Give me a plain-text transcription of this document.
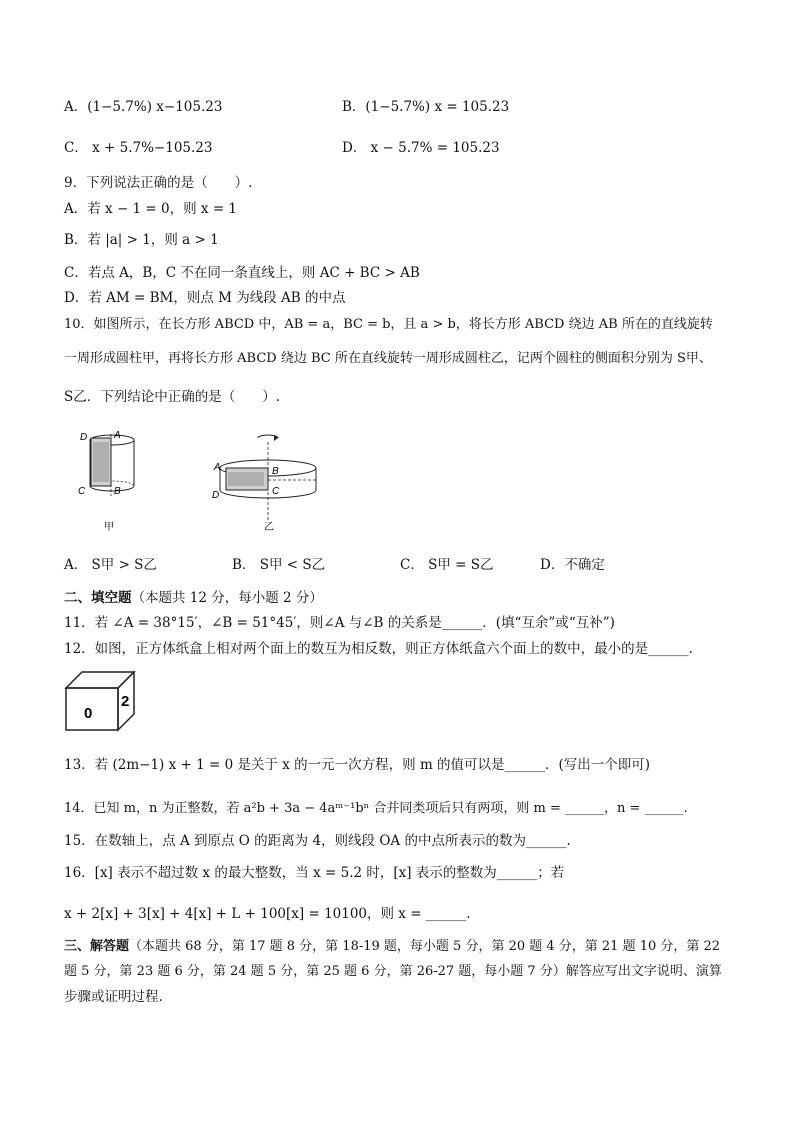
A．(1−5.7%) x−105.23	B．(1−5.7%) x = 105.23
C． x + 5.7%−105.23	D． x − 5.7% = 105.23
9．下列说法正确的是（　　）.
A．若 x − 1 = 0，则 x = 1
B．若 |a| > 1，则 a > 1
C．若点 A，B，C 不在同一条直线上，则 AC + BC > AB
D．若 AM = BM，则点 M 为线段 AB 的中点
10．如图所示，在长方形 ABCD 中，AB = a，BC = b，且 a > b，将长方形 ABCD 绕边 AB 所在的直线旋转
一周形成圆柱甲，再将长方形 ABCD 绕边 BC 所在直线旋转一周形成圆柱乙，记两个圆柱的侧面积分别为 S甲、
S乙．下列结论中正确的是（　　）.
D	A
C	B
甲
A
D
B
C
乙
A． S甲 > S乙	B． S甲 < S乙	C． S甲 = S乙	D．不确定
二、填空题（本题共 12 分，每小题 2 分）
11．若 ∠A = 38°15′，∠B = 51°45′，则∠A 与∠B 的关系是______．(填“互余”或“互补”)
12．如图，正方体纸盒上相对两个面上的数互为相反数，则正方体纸盒六个面上的数中，最小的是______.
0
2
13．若 (2m−1) x + 1 = 0 是关于 x 的一元一次方程，则 m 的值可以是______．(写出一个即可)
14．已知 m，n 为正整数，若 a²b + 3a − 4aᵐ⁻¹bⁿ 合并同类项后只有两项，则 m = ______，n = ______.
15．在数轴上，点 A 到原点 O 的距离为 4，则线段 OA 的中点所表示的数为______.
16．[x] 表示不超过数 x 的最大整数，当 x = 5.2 时，[x] 表示的整数为______；若
x + 2[x] + 3[x] + 4[x] + L + 100[x] = 10100，则 x = ______.
三、解答题（本题共 68 分，第 17 题 8 分，第 18-19 题，每小题 5 分，第 20 题 4 分，第 21 题 10 分，第 22
题 5 分，第 23 题 6 分，第 24 题 5 分，第 25 题 6 分，第 26-27 题，每小题 7 分）解答应写出文字说明、演算
步骤或证明过程.
